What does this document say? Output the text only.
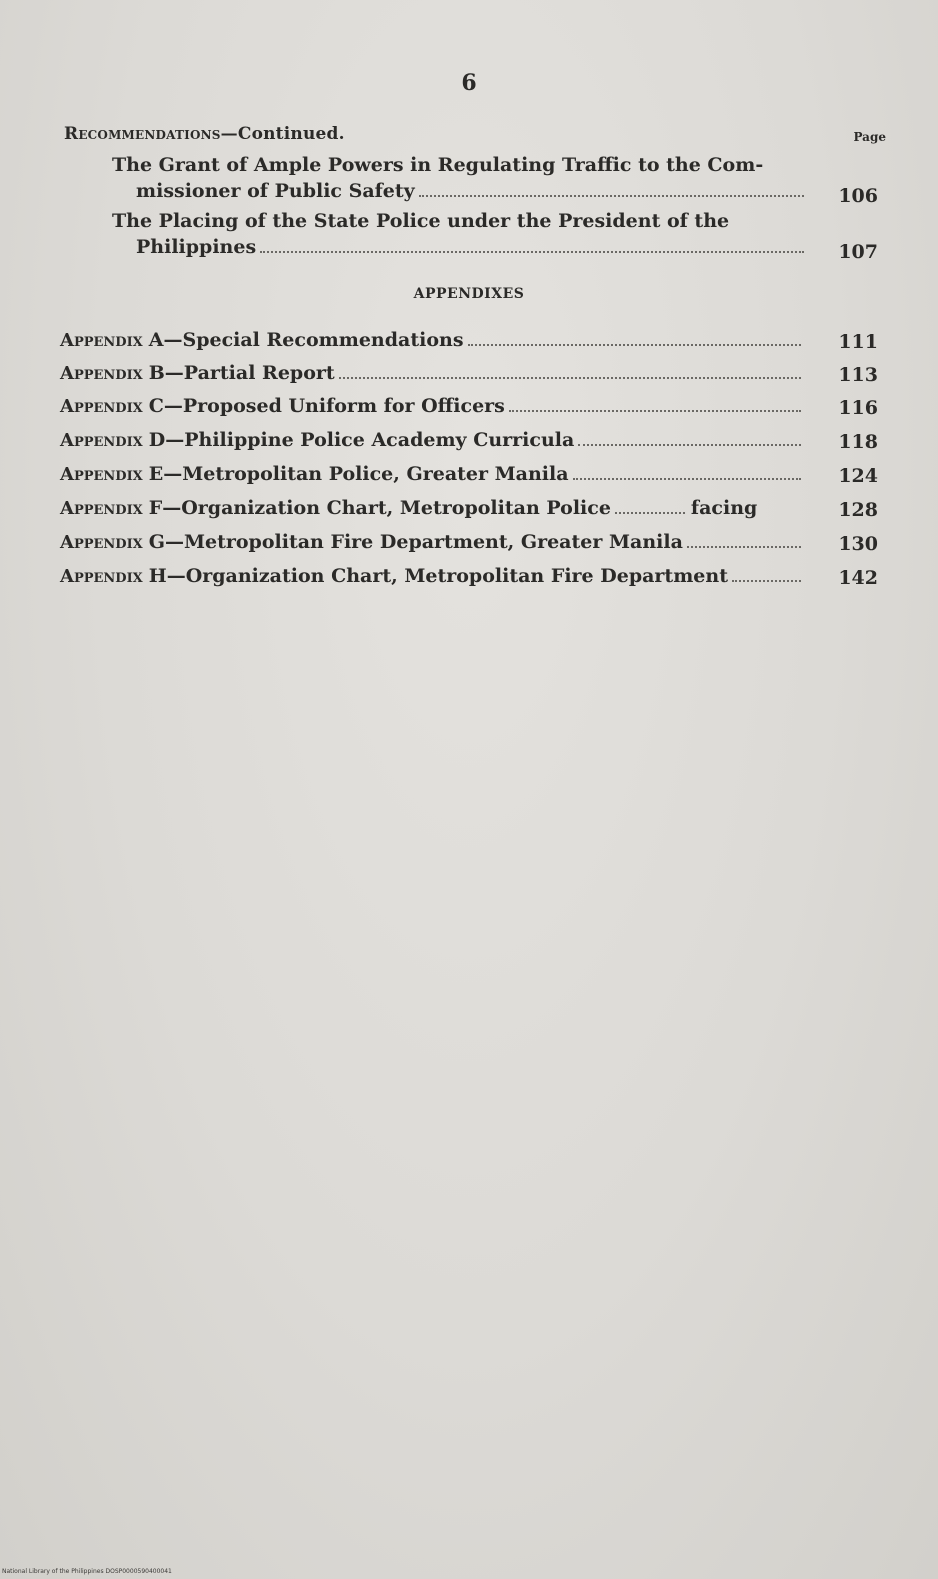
6
Recommendations—Continued.	Page
The Grant of Ample Powers in Regulating Traffic to the Com-
missioner of Public Safety	106
The Placing of the State Police under the President of the
Philippines	107
APPENDIXES
Appendix A—Special Recommendations	111
Appendix B—Partial Report	113
Appendix C—Proposed Uniform for Officers	116
Appendix D—Philippine Police Academy Curricula	118
Appendix E—Metropolitan Police, Greater Manila	124
Appendix F—Organization Chart, Metropolitan Police	facing	128
Appendix G—Metropolitan Fire Department, Greater Manila	130
Appendix H—Organization Chart, Metropolitan Fire Department	142
National Library of the Philippines DOSP0000590400041
